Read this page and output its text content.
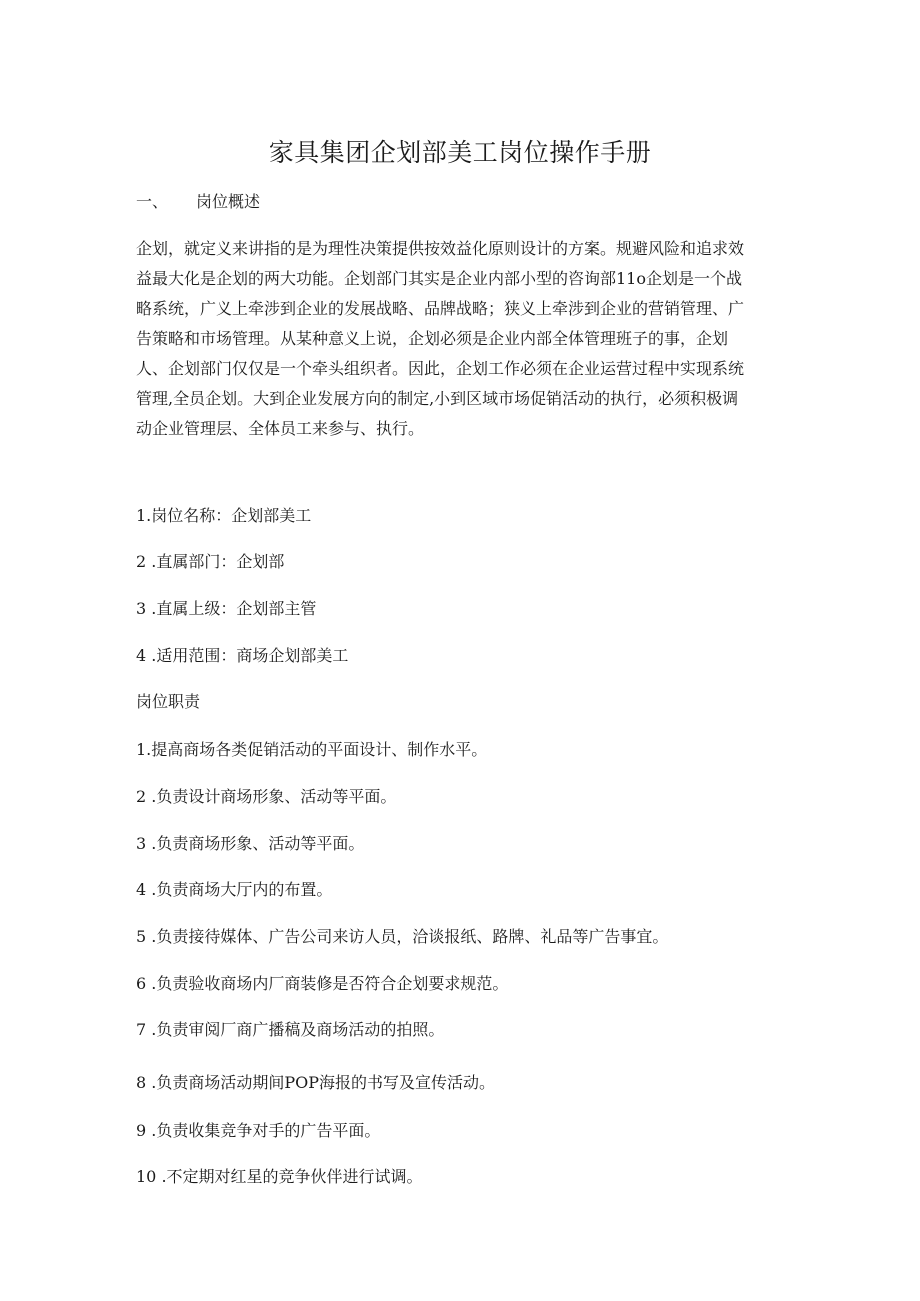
家具集团企划部美工岗位操作手册
一、 岗位概述
企划，就定义来讲指的是为理性决策提供按效益化原则设计的方案。规避风险和追求效
益最大化是企划的两大功能。企划部门其实是企业内部小型的咨询部11o企划是一个战
略系统，广义上牵涉到企业的发展战略、品牌战略；狭义上牵涉到企业的营销管理、广
告策略和市场管理。从某种意义上说，企划必须是企业内部全体管理班子的事，企划
人、企划部门仅仅是一个牵头组织者。因此，企划工作必须在企业运营过程中实现系统
管理,全员企划。大到企业发展方向的制定,小到区域市场促销活动的执行，必须积极调
动企业管理层、全体员工来参与、执行。
1.岗位名称：企划部美工
2 .直属部门：企划部
3 .直属上级：企划部主管
4 .适用范围：商场企划部美工
岗位职责
1.提高商场各类促销活动的平面设计、制作水平。
2 .负责设计商场形象、活动等平面。
3 .负责商场形象、活动等平面。
4 .负责商场大厅内的布置。
5 .负责接待媒体、广告公司来访人员，洽谈报纸、路牌、礼品等广告事宜。
6 .负责验收商场内厂商装修是否符合企划要求规范。
7 .负责审阅厂商广播稿及商场活动的拍照。
8 .负责商场活动期间POP海报的书写及宣传活动。
9 .负责收集竞争对手的广告平面。
10 .不定期对红星的竞争伙伴进行试调。
